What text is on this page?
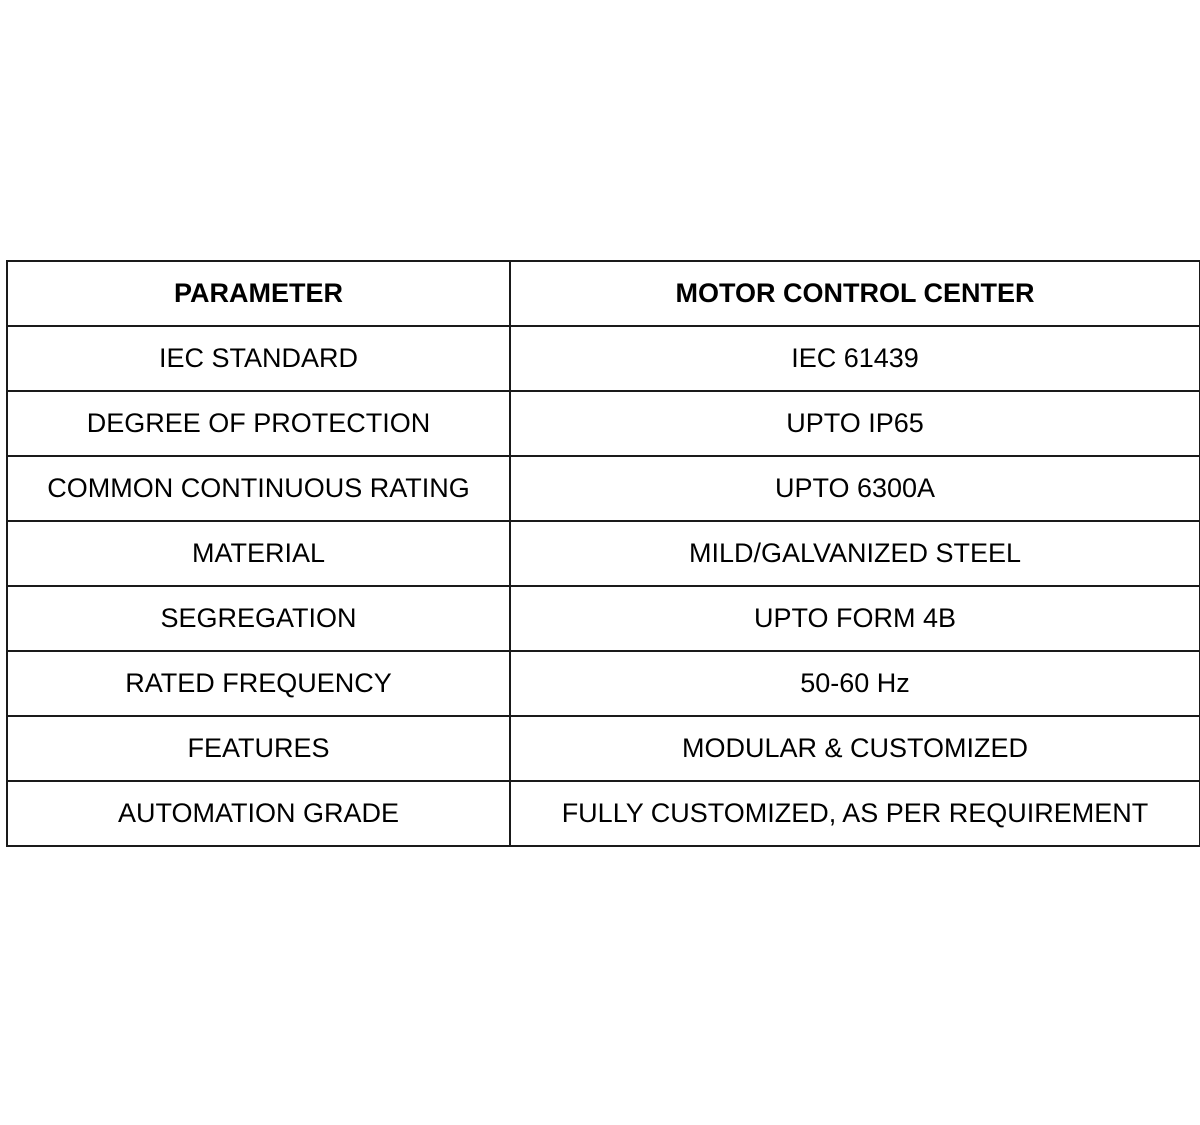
PARAMETER	MOTOR CONTROL CENTER
IEC STANDARD	IEC 61439
DEGREE OF PROTECTION	UPTO IP65
COMMON CONTINUOUS RATING	UPTO 6300A
MATERIAL	MILD/GALVANIZED STEEL
SEGREGATION	UPTO FORM 4B
RATED FREQUENCY	50-60 Hz
FEATURES	MODULAR & CUSTOMIZED
AUTOMATION GRADE	FULLY CUSTOMIZED, AS PER REQUIREMENT
